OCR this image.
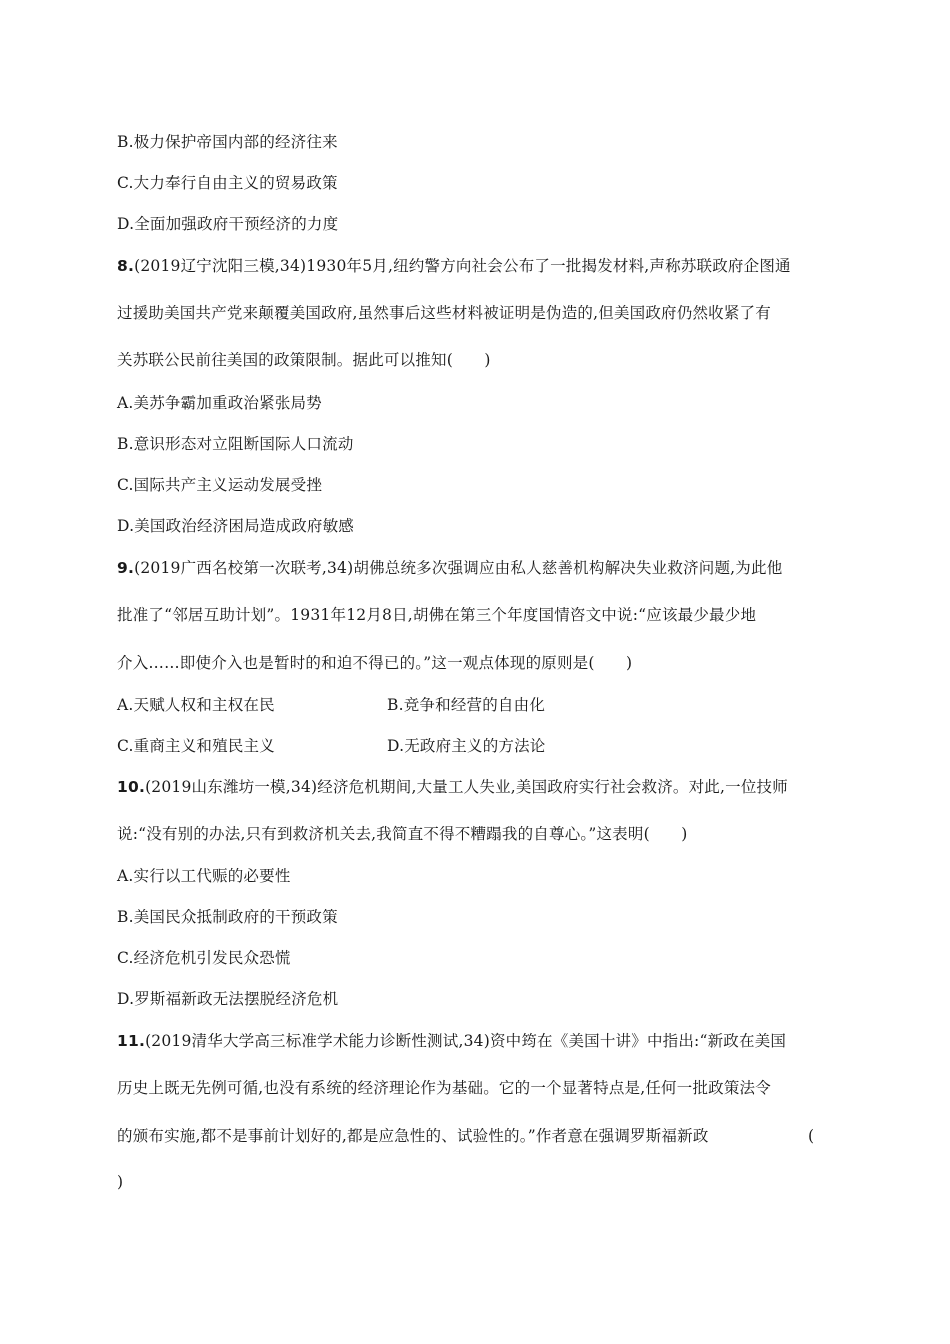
B.极力保护帝国内部的经济往来
C.大力奉行自由主义的贸易政策
D.全面加强政府干预经济的力度
8.(2019辽宁沈阳三模,34)1930年5月,纽约警方向社会公布了一批揭发材料,声称苏联政府企图通
过援助美国共产党来颠覆美国政府,虽然事后这些材料被证明是伪造的,但美国政府仍然收紧了有
关苏联公民前往美国的政策限制。据此可以推知(　　)
A.美苏争霸加重政治紧张局势
B.意识形态对立阻断国际人口流动
C.国际共产主义运动发展受挫
D.美国政治经济困局造成政府敏感
9.(2019广西名校第一次联考,34)胡佛总统多次强调应由私人慈善机构解决失业救济问题,为此他
批准了“邻居互助计划”。1931年12月8日,胡佛在第三个年度国情咨文中说:“应该最少最少地
介入……即使介入也是暂时的和迫不得已的。”这一观点体现的原则是(　　)
A.天赋人权和主权在民	B.竞争和经营的自由化
C.重商主义和殖民主义	D.无政府主义的方法论
10.(2019山东潍坊一模,34)经济危机期间,大量工人失业,美国政府实行社会救济。对此,一位技师
说:“没有别的办法,只有到救济机关去,我简直不得不糟蹋我的自尊心。”这表明(　　)
A.实行以工代赈的必要性
B.美国民众抵制政府的干预政策
C.经济危机引发民众恐慌
D.罗斯福新政无法摆脱经济危机
11.(2019清华大学高三标准学术能力诊断性测试,34)资中筠在《美国十讲》中指出:“新政在美国
历史上既无先例可循,也没有系统的经济理论作为基础。它的一个显著特点是,任何一批政策法令
的颁布实施,都不是事前计划好的,都是应急性的、试验性的。”作者意在强调罗斯福新政	(
)
